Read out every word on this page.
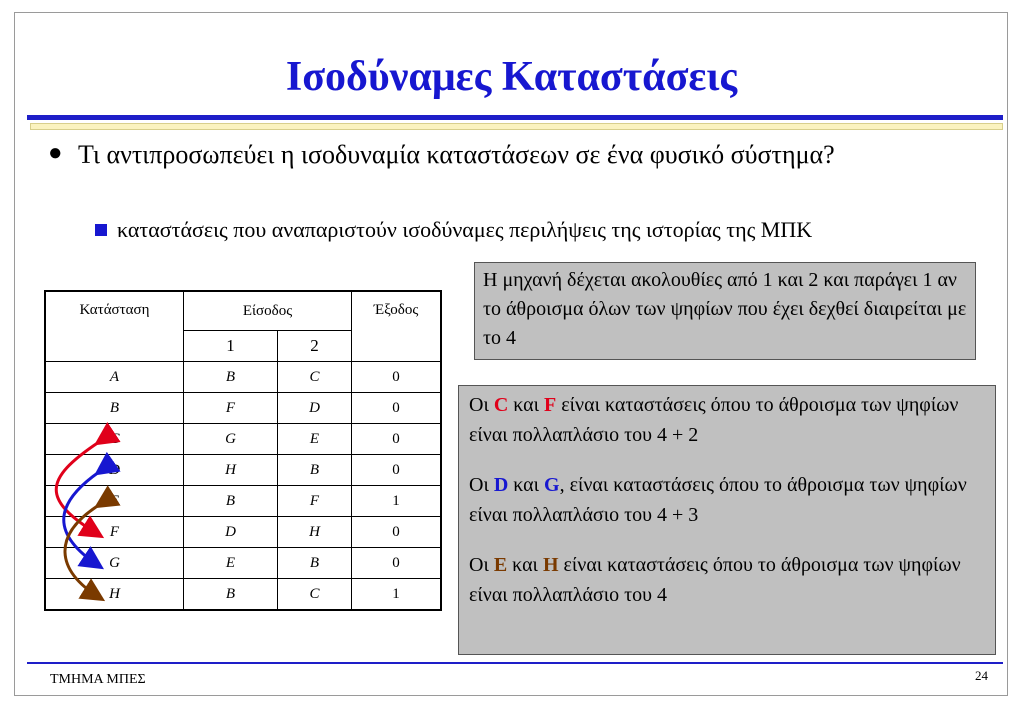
Ισοδύναμες Καταστάσεις
● Τι αντιπροσωπεύει η ισοδυναμία καταστάσεων σε ένα φυσικό σύστημα?
καταστάσεις που αναπαριστούν ισοδύναμες περιλήψεις της ιστορίας της ΜΠΚ
Κατάσταση	Είσοδος		Έξοδος
	1	2	
A	B	C	0
B	F	D	0
C	G	E	0
D	H	B	0
E	B	F	1
F	D	H	0
G	E	B	0
H	B	C	1
Η μηχανή δέχεται ακολουθίες από 1 και 2 και παράγει 1 αν το άθροισμα όλων των ψηφίων που έχει δεχθεί διαιρείται με το 4

Οι C και F είναι καταστάσεις όπου το άθροισμα των ψηφίων είναι πολλαπλάσιο του 4 + 2

Οι D και G, είναι καταστάσεις όπου το άθροισμα των ψηφίων είναι πολλαπλάσιο του 4 + 3

Οι E και H είναι καταστάσεις όπου το άθροισμα των ψηφίων είναι πολλαπλάσιο του 4

ΤΜΗΜΑ ΜΠΕΣ	24
